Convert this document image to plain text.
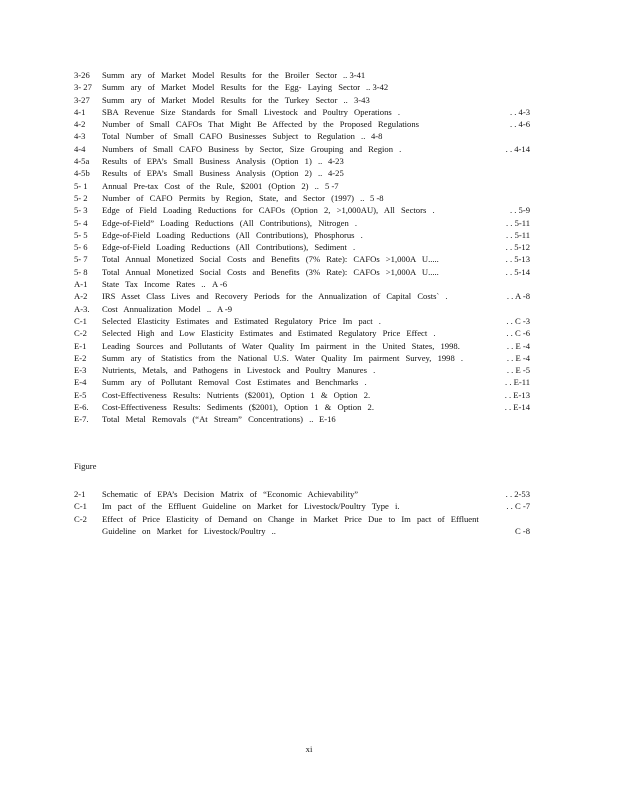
3-26	Summ ary of Market Model Results for the Broiler Sector .. 3-41
3- 27	Summ ary of Market Model Results for the Egg- Laying Sector .. 3-42
3-27	Summ ary of Market Model Results for the Turkey Sector .. 3-43
4-1	SBA Revenue Size Standards for Small Livestock and Poultry Operations .	. . 4-3
4-2	Number of Small CAFOs That Might Be Affected by the Proposed Regulations	. . 4-6
4-3	Total Number of Small CAFO Businesses Subject to Regulation .. 4-8
4-4	Numbers of Small CAFO Business by Sector, Size Grouping and Region .	. . 4-14
4-5a	Results of EPA’s Small Business Analysis (Option 1) .. 4-23
4-5b	Results of EPA’s Small Business Analysis (Option 2) .. 4-25
5- 1	Annual Pre-tax Cost of the Rule, $2001 (Option 2) .. 5 -7
5- 2	Number of CAFO Permits by Region, State, and Sector (1997) .. 5 -8
5- 3	Edge of Field Loading Reductions for CAFOs (Option 2, >1,000AU), All Sectors .	. . 5-9
5- 4	Edge-of-Field” Loading Reductions (All Contributions), Nitrogen .	. . 5-11
5- 5	Edge-of-Field Loading Reductions (All Contributions), Phosphorus .	. . 5-11
5- 6	Edge-of-Field Loading Reductions (All Contributions), Sediment .	. . 5-12
5- 7	Total Annual Monetized Social Costs and Benefits (7% Rate): CAFOs >1,000A U.....	. . 5-13
5- 8	Total Annual Monetized Social Costs and Benefits (3% Rate): CAFOs >1,000A U.....	. . 5-14
A-1	State Tax Income Rates .. A -6
A-2	IRS Asset Class Lives and Recovery Periods for the Annualization of Capital Costs` .	. . A -8
A-3.	Cost Annualization Model .. A -9
C-1	Selected Elasticity Estimates and Estimated Regulatory Price Im pact .	. . C -3
C-2	Selected High and Low Elasticity Estimates and Estimated Regulatory Price Effect .	. . C -6
E-1	Leading Sources and Pollutants of Water Quality Im pairment in the United States, 1998.	. . E -4
E-2	Summ ary of Statistics from the National U.S. Water Quality Im pairment Survey, 1998 .	. . E -4
E-3	Nutrients, Metals, and Pathogens in Livestock and Poultry Manures .	. . E -5
E-4	Summ ary of Pollutant Removal Cost Estimates and Benchmarks .	. . E-11
E-5	Cost-Effectiveness Results: Nutrients ($2001), Option 1 & Option 2.	. . E-13
E-6.	Cost-Effectiveness Results: Sediments ($2001), Option 1 & Option 2.	. . E-14
E-7.	Total Metal Removals (“At Stream” Concentrations) .. E-16
Figure
2-1	Schematic of EPA’s Decision Matrix of “Economic Achievability”	. . 2-53
C-1	Im pact of the Effluent Guideline on Market for Livestock/Poultry Type i.	. . C -7
C-2	Effect of Price Elasticity of Demand on Change in Market Price Due to Im pact of Effluent
Guideline on Market for Livestock/Poultry ..	C -8
xi
